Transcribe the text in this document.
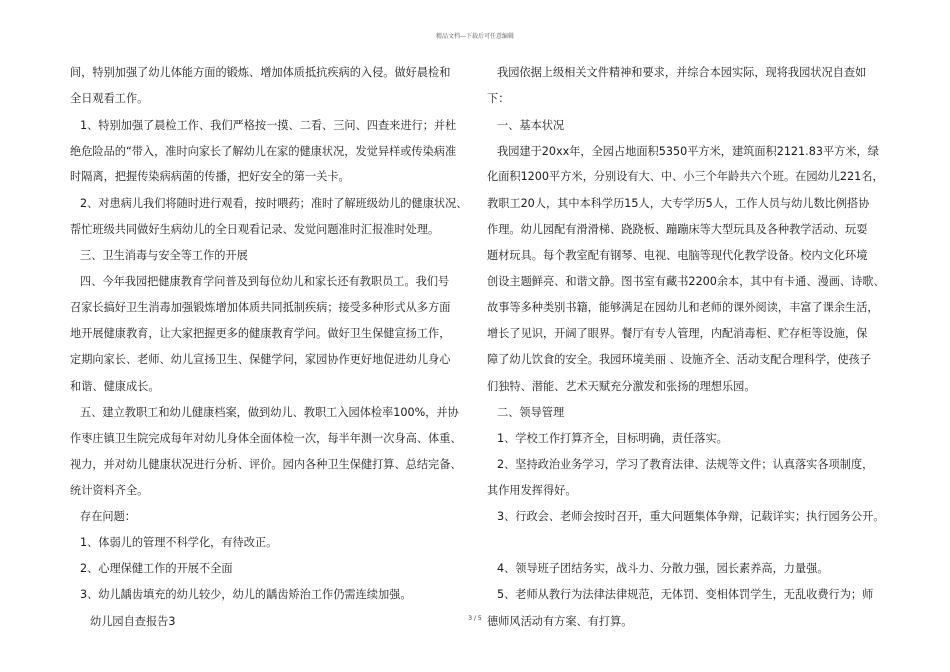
精品文档---下载后可任意编辑
间，特别加强了幼儿体能方面的锻炼、增加体质抵抗疾病的入侵。做好晨检和
全日观看工作。
1、特别加强了晨检工作、我们严格按一摸、二看、三问、四查来进行；并杜
绝危险品的“带入，准时向家长了解幼儿在家的健康状况，发觉异样或传染病准
时隔离，把握传染病病菌的传播，把好安全的第一关卡。
2、对患病儿我们将随时进行观看，按时喂药；准时了解班级幼儿的健康状况、
帮忙班级共同做好生病幼儿的全日观看记录、发觉问题准时汇报准时处理。
三、卫生消毒与安全等工作的开展
四、今年我园把健康教育学问普及到每位幼儿和家长还有教职员工。我们号
召家长搞好卫生消毒加强锻炼增加体质共同抵制疾病；接受多种形式从多方面
地开展健康教育，让大家把握更多的健康教育学问。做好卫生保健宣扬工作，
定期向家长、老师、幼儿宣扬卫生、保健学问，家园协作更好地促进幼儿身心
和谐、健康成长。
五、建立教职工和幼儿健康档案，做到幼儿、教职工入园体检率100%，并协
作枣庄镇卫生院完成每年对幼儿身体全面体检一次，每半年测一次身高、体重、
视力，并对幼儿健康状况进行分析、评价。园内各种卫生保健打算、总结完备、
统计资料齐全。
存在问题：
1、体弱儿的管理不科学化，有待改正。
2、心理保健工作的开展不全面
3、幼儿龋齿填充的幼儿较少，幼儿的龋齿矫治工作仍需连续加强。
幼儿园自查报告3
我园依据上级相关文件精神和要求，并综合本园实际，现将我园状况自查如
下：
一、基本状况
我园建于20xx年，全园占地面积5350平方米，建筑面积2121.83平方米，绿
化面积1200平方米，分别设有大、中、小三个年龄共六个班。在园幼儿221名，
教职工20人，其中本科学历15人，大专学历5人，工作人员与幼儿数比例搭协
作理。幼儿园配有滑滑梯、跷跷板、蹦蹦床等大型玩具及各种教学活动、玩耍
题材玩具。每个教室配有钢琴、电视、电脑等现代化教学设备。校内文化环境
创设主题鲜亮、和谐文静。图书室有藏书2200余本，其中有卡通、漫画、诗歌、
故事等多种类别书籍，能够满足在园幼儿和老师的课外阅读，丰富了课余生活，
增长了见识，开阔了眼界。餐厅有专人管理，内配消毒柜、贮存柜等设施，保
障了幼儿饮食的安全。我园环境美丽 、设施齐全、活动支配合理科学，使孩子
们独特、潜能、艺术天赋充分激发和张扬的理想乐园。
二、领导管理
1、学校工作打算齐全，目标明确，责任落实。
2、坚持政治业务学习，学习了教育法律、法规等文件；认真落实各项制度，
其作用发挥得好。
3、行政会、老师会按时召开，重大问题集体争辩，记载详实；执行园务公开。
4、领导班子团结务实，战斗力、分散力强，园长素养高，力量强。
5、老师从教行为法律法律规范，无体罚、变相体罚学生，无乱收费行为；师
德师风活动有方案、有打算。
3 / 5
